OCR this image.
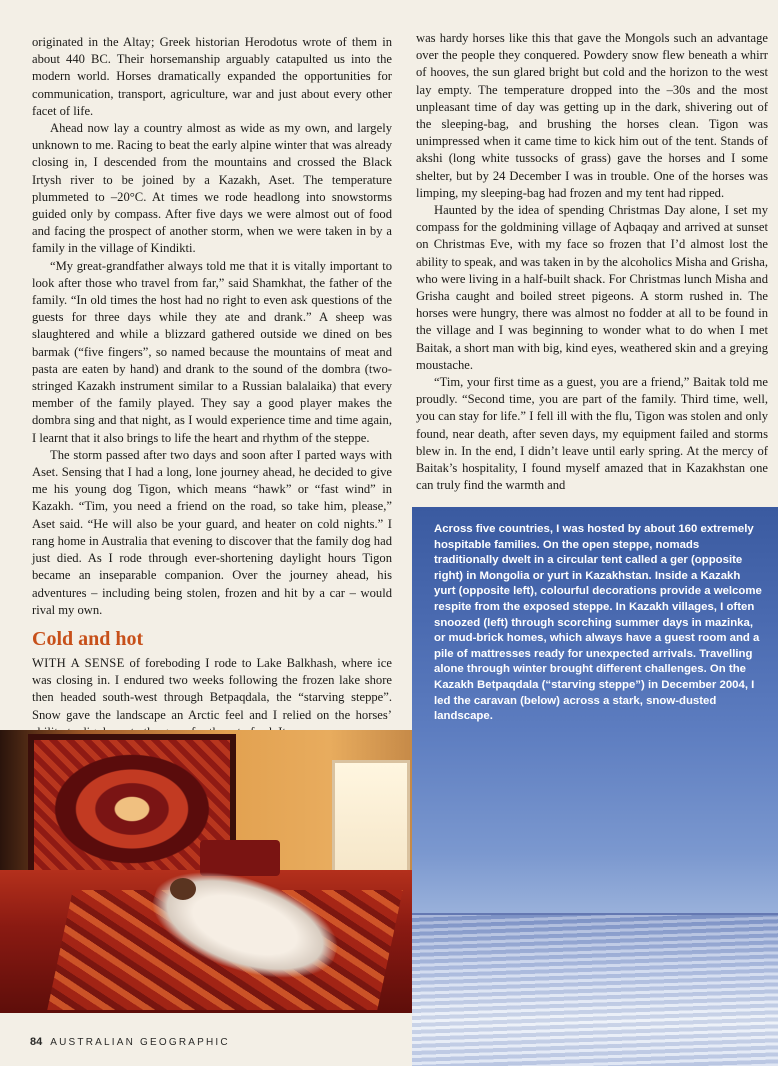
originated in the Altay; Greek historian Herodotus wrote of them in about 440 BC. Their horsemanship arguably catapulted us into the modern world. Horses dramatically expanded the opportunities for communication, transport, agriculture, war and just about every other facet of life.

Ahead now lay a country almost as wide as my own, and largely unknown to me. Racing to beat the early alpine winter that was already closing in, I descended from the mountains and crossed the Black Irtysh river to be joined by a Kazakh, Aset. The temperature plummeted to –20°C. At times we rode headlong into snowstorms guided only by compass. After five days we were almost out of food and facing the prospect of another storm, when we were taken in by a family in the village of Kindikti.

“My great-grandfather always told me that it is vitally important to look after those who travel from far,” said Shamkhat, the father of the family. “In old times the host had no right to even ask questions of the guests for three days while they ate and drank.” A sheep was slaughtered and while a blizzard gathered outside we dined on bes barmak (“five fingers”, so named because the mountains of meat and pasta are eaten by hand) and drank to the sound of the dombra (two-stringed Kazakh instrument similar to a Russian balalaika) that every member of the family played. They say a good player makes the dombra sing and that night, as I would experience time and time again, I learnt that it also brings to life the heart and rhythm of the steppe.

The storm passed after two days and soon after I parted ways with Aset. Sensing that I had a long, lone journey ahead, he decided to give me his young dog Tigon, which means “hawk” or “fast wind” in Kazakh. “Tim, you need a friend on the road, so take him, please,” Aset said. “He will also be your guard, and heater on cold nights.” I rang home in Australia that evening to discover that the family dog had just died. As I rode through ever-shortening daylight hours Tigon became an inseparable companion. Over the journey ahead, his adventures – including being stolen, frozen and hit by a car – would rival my own.

Cold and hot

WITH A SENSE of foreboding I rode to Lake Balkhash, where ice was closing in. I endured two weeks following the frozen lake shore then headed south-west through Betpaqdala, the “starving steppe”. Snow gave the landscape an Arctic feel and I relied on the horses’

was hardy horses like this that gave the Mongols such an advantage over the people they conquered. Powdery snow flew beneath a whirr of hooves, the sun glared bright but cold and the horizon to the west lay empty. The temperature dropped into the –30s and the most unpleasant time of day was getting up in the dark, shivering out of the sleeping-bag, and brushing the horses clean. Tigon was unimpressed when it came time to kick him out of the tent. Stands of akshi (long white tussocks of grass) gave the horses and I some shelter, but by 24 December I was in trouble. One of the horses was limping, my sleeping-bag had frozen and my tent had ripped.

Haunted by the idea of spending Christmas Day alone, I set my compass for the goldmining village of Aqbaqay and arrived at sunset on Christmas Eve, with my face so frozen that I’d almost lost the ability to speak, and was taken in by the alcoholics Misha and Grisha, who were living in a half-built shack. For Christmas lunch Misha and Grisha caught and boiled street pigeons. A storm rushed in. The horses were hungry, there was almost no fodder at all to be found in the village and I was beginning to wonder what to do when I met Baitak, a short man with big, kind eyes, weathered skin and a greying moustache.

“Tim, your first time as a guest, you are a friend,” Baitak told me proudly. “Second time, you are part of the family. Third time, well, you can stay for life.” I fell ill with the flu, Tigon was stolen and only found, near death, after seven days, my equipment failed and storms blew in. In the end, I didn’t leave until early spring. At the mercy of Baitak’s hospitality, I found myself amazed that in Kazakhstan one can truly find the warmth and

Across five countries, I was hosted by about 160 extremely hospitable families. On the open steppe, nomads traditionally dwelt in a circular tent called a ger (opposite right) in Mongolia or yurt in Kazakhstan. Inside a Kazakh yurt (opposite left), colourful decorations provide a welcome respite from the exposed steppe. In Kazakh villages, I often snoozed (left) through scorching summer days in mazinka, or mud-brick homes, which always have a guest room and a pile of mattresses ready for unexpected arrivals. Travelling alone through winter brought different challenges. On the Kazakh Betpaqdala (“starving steppe”) in December 2004, I led the caravan (below) across a stark, snow-dusted landscape.
84 AUSTRALIAN GEOGRAPHIC
